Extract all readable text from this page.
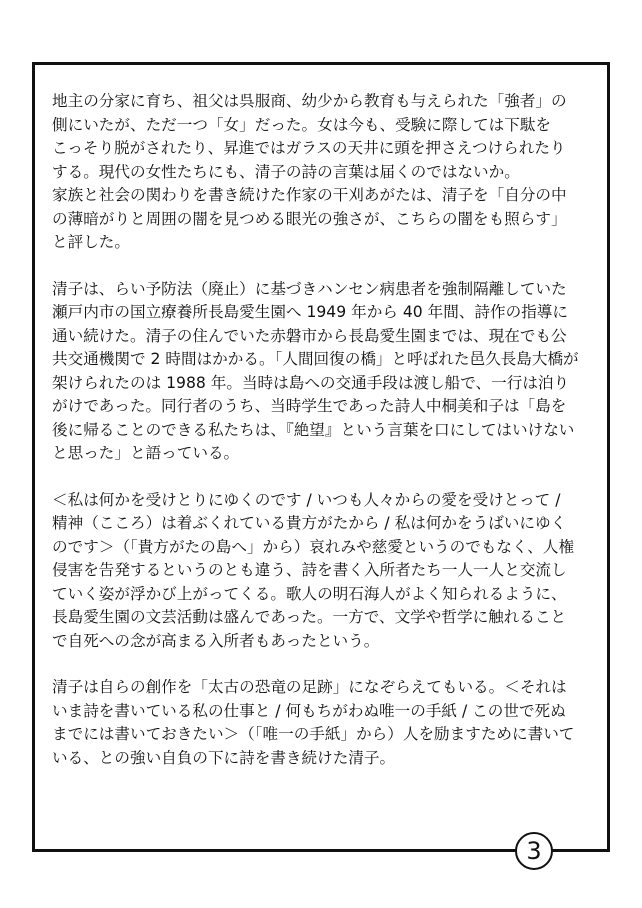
地主の分家に育ち、祖父は呉服商、幼少から教育も与えられた「強者」の
側にいたが、ただ一つ「女」だった。女は今も、受験に際しては下駄を
こっそり脱がされたり、昇進ではガラスの天井に頭を押さえつけられたり
する。現代の女性たちにも、清子の詩の言葉は届くのではないか。
家族と社会の関わりを書き続けた作家の干刈あがたは、清子を「自分の中
の薄暗がりと周囲の闇を見つめる眼光の強さが、こちらの闇をも照らす」
と評した。

清子は、らい予防法（廃止）に基づきハンセン病患者を強制隔離していた
瀬戸内市の国立療養所長島愛生園へ 1949 年から 40 年間、詩作の指導に
通い続けた。清子の住んでいた赤磐市から長島愛生園までは、現在でも公
共交通機関で 2 時間はかかる。「人間回復の橋」と呼ばれた邑久長島大橋が
架けられたのは 1988 年。当時は島への交通手段は渡し船で、一行は泊り
がけであった。同行者のうち、当時学生であった詩人中桐美和子は「島を
後に帰ることのできる私たちは、『絶望』という言葉を口にしてはいけない
と思った」と語っている。

＜私は何かを受けとりにゆくのです / いつも人々からの愛を受けとって /
精神（こころ）は着ぶくれている貴方がたから / 私は何かをうばいにゆく
のです＞（「貴方がたの島へ」から）哀れみや慈愛というのでもなく、人権
侵害を告発するというのとも違う、詩を書く入所者たち一人一人と交流し
ていく姿が浮かび上がってくる。歌人の明石海人がよく知られるように、
長島愛生園の文芸活動は盛んであった。一方で、文学や哲学に触れること
で自死への念が高まる入所者もあったという。

清子は自らの創作を「太古の恐竜の足跡」になぞらえてもいる。＜それは
いま詩を書いている私の仕事と / 何もちがわぬ唯一の手紙 / この世で死ぬ
までには書いておきたい＞（「唯一の手紙」から）人を励ますために書いて
いる、との強い自負の下に詩を書き続けた清子。

3
